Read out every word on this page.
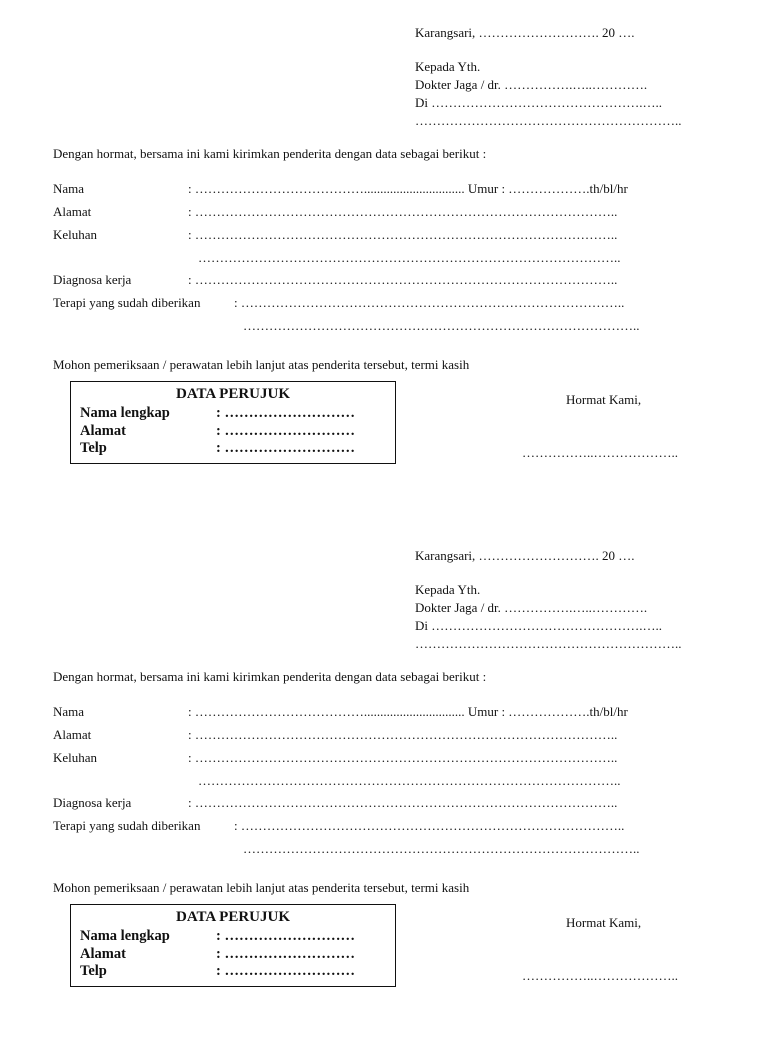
Karangsari, ………………………. 20 ….
Kepada Yth.
Dokter Jaga / dr. …………….…..………….
Di ………………………………………….…..
……………………………………………………..
Dengan hormat, bersama ini kami kirimkan penderita dengan data sebagai berikut :
Nama	: …………………………………............................... Umur : ……………….th/bl/hr
Alamat	: ……………………………………………………………………………………..
Keluhan	: ……………………………………………………………………………………..
……………………………………………………………………………………..
Diagnosa kerja	: ……………………………………………………………………………………..
Terapi yang sudah diberikan	: ……………………………………………………………………………..
………………………………………………………………………………..
Mohon pemeriksaan / perawatan lebih lanjut atas penderita tersebut, termi kasih
DATA PERUJUK
Nama lengkap	: ………………………
Alamat	: ………………………
Telp	: ………………………
Hormat Kami,
……………..………………..
Karangsari, ………………………. 20 ….
Kepada Yth.
Dokter Jaga / dr. …………….…..………….
Di ………………………………………….…..
……………………………………………………..
Dengan hormat, bersama ini kami kirimkan penderita dengan data sebagai berikut :
Nama	: …………………………………............................... Umur : ……………….th/bl/hr
Alamat	: ……………………………………………………………………………………..
Keluhan	: ……………………………………………………………………………………..
……………………………………………………………………………………..
Diagnosa kerja	: ……………………………………………………………………………………..
Terapi yang sudah diberikan	: ……………………………………………………………………………..
………………………………………………………………………………..
Mohon pemeriksaan / perawatan lebih lanjut atas penderita tersebut, termi kasih
DATA PERUJUK
Nama lengkap	: ………………………
Alamat	: ………………………
Telp	: ………………………
Hormat Kami,
……………..………………..
